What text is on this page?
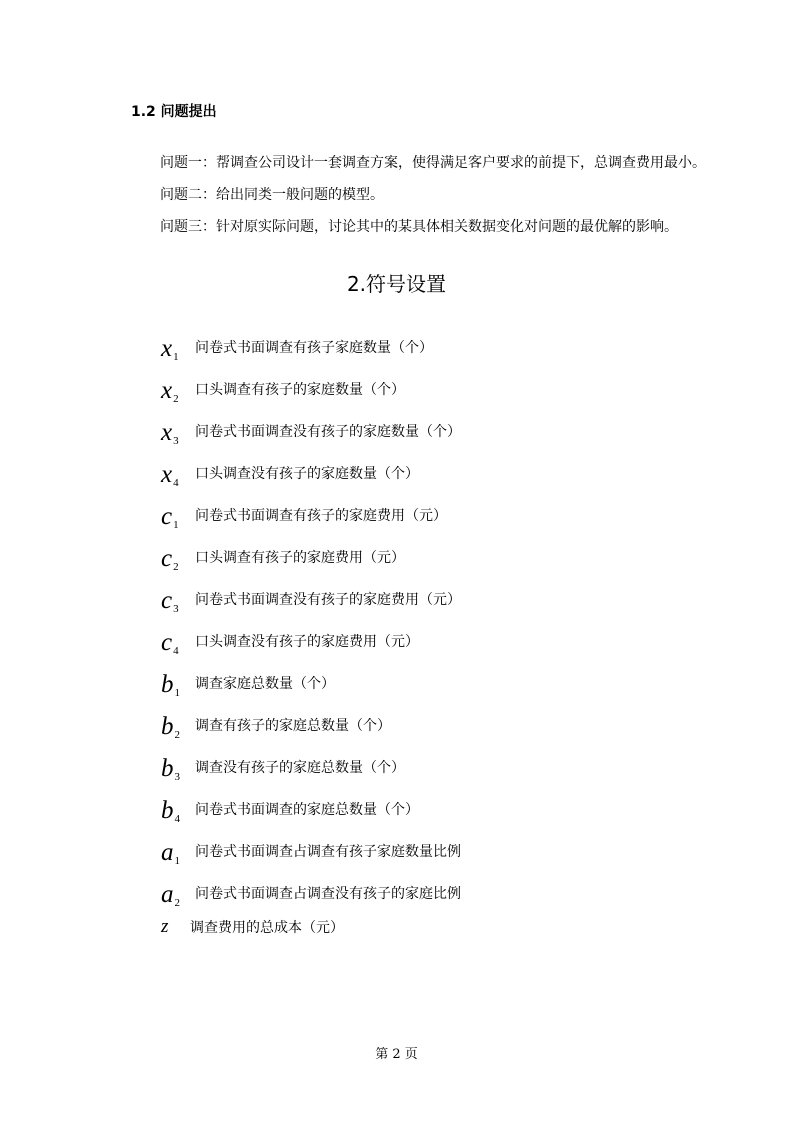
1.2 问题提出
问题一：帮调查公司设计一套调查方案，使得满足客户要求的前提下，总调查费用最小。
问题二：给出同类一般问题的模型。
问题三：针对原实际问题，讨论其中的某具体相关数据变化对问题的最优解的影响。
2.符号设置
$x_1$
问卷式书面调查有孩子家庭数量（个）
$x_2$
口头调查有孩子的家庭数量（个）
$x_3$
问卷式书面调查没有孩子的家庭数量（个）
$x_4$
口头调查没有孩子的家庭数量（个）
$c_1$
问卷式书面调查有孩子的家庭费用（元）
$c_2$
口头调查有孩子的家庭费用（元）
$c_3$
问卷式书面调查没有孩子的家庭费用（元）
$c_4$
口头调查没有孩子的家庭费用（元）
$b_1$
调查家庭总数量（个）
$b_2$
调查有孩子的家庭总数量（个）
$b_3$
调查没有孩子的家庭总数量（个）
$b_4$
问卷式书面调查的家庭总数量（个）
$a_1$
问卷式书面调查占调查有孩子家庭数量比例
$a_2$
问卷式书面调查占调查没有孩子的家庭比例
z 调查费用的总成本（元）
第 2 页
